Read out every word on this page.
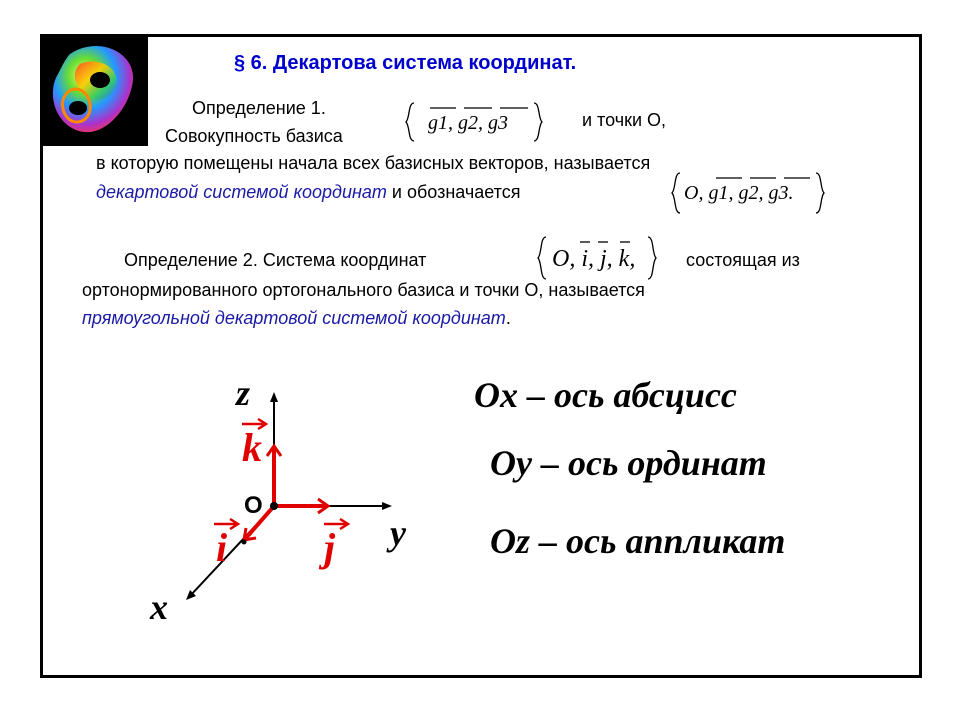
§ 6. Декартова система координат.
Определение 1.
Совокупность базиса
g1, g2, g3	и точки O,
в которую помещены начала всех базисных векторов, называется
декартовой системой координат и обозначается	O, g1, g2, g3.
Определение 2. Система координат	O, i, j, k,	состоящая из
ортонормированного ортогонального базиса и точки O, называется
прямоугольной декартовой системой координат.
z
y
x
O
k
i j
Ox – ось абсцисс
Oy – ось ординат
Oz – ось аппликат
